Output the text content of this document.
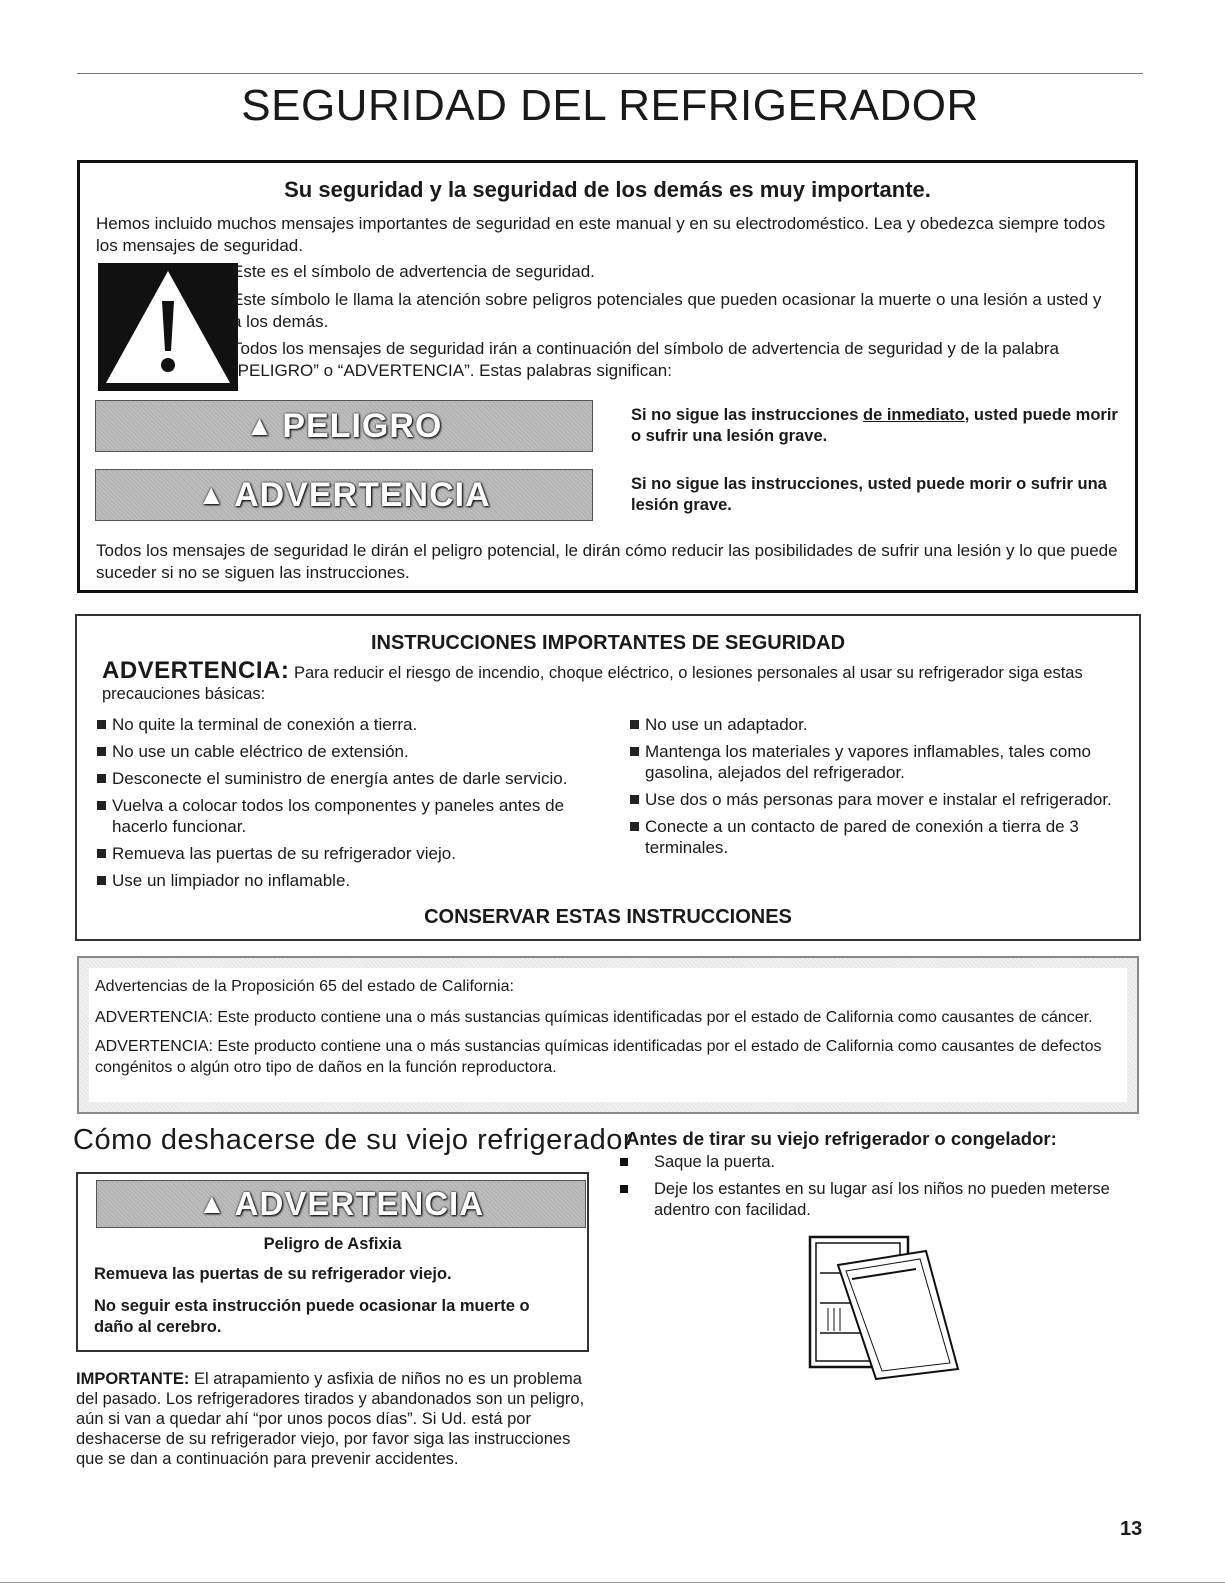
SEGURIDAD DEL REFRIGERADOR
Su seguridad y la seguridad de los demás es muy importante.

Hemos incluido muchos mensajes importantes de seguridad en este manual y en su electrodoméstico. Lea y obedezca siempre todos los mensajes de seguridad.

Este es el símbolo de advertencia de seguridad.

Este símbolo le llama la atención sobre peligros potenciales que pueden ocasionar la muerte o una lesión a usted y a los demás.

Todos los mensajes de seguridad irán a continuación del símbolo de advertencia de seguridad y de la palabra “PELIGRO” o “ADVERTENCIA”. Estas palabras significan:

▲ PELIGRO	Si no sigue las instrucciones de inmediato, usted puede morir o sufrir una lesión grave.

▲ ADVERTENCIA	Si no sigue las instrucciones, usted puede morir o sufrir una lesión grave.

Todos los mensajes de seguridad le dirán el peligro potencial, le dirán cómo reducir las posibilidades de sufrir una lesión y lo que puede suceder si no se siguen las instrucciones.

INSTRUCCIONES IMPORTANTES DE SEGURIDAD

ADVERTENCIA: Para reducir el riesgo de incendio, choque eléctrico, o lesiones personales al usar su refrigerador siga estas precauciones básicas:

No quite la terminal de conexión a tierra.
No use un cable eléctrico de extensión.
Desconecte el suministro de energía antes de darle servicio.
Vuelva a colocar todos los componentes y paneles antes de hacerlo funcionar.
Remueva las puertas de su refrigerador viejo.
Use un limpiador no inflamable.
No use un adaptador.
Mantenga los materiales y vapores inflamables, tales como gasolina, alejados del refrigerador.
Use dos o más personas para mover e instalar el refrigerador.
Conecte a un contacto de pared de conexión a tierra de 3 terminales.
CONSERVAR ESTAS INSTRUCCIONES

Advertencias de la Proposición 65 del estado de California:

ADVERTENCIA: Este producto contiene una o más sustancias químicas identificadas por el estado de California como causantes de cáncer.

ADVERTENCIA: Este producto contiene una o más sustancias químicas identificadas por el estado de California como causantes de defectos congénitos o algún otro tipo de daños en la función reproductora.

Cómo deshacerse de su viejo refrigerador
▲ ADVERTENCIA

Peligro de Asfixia

Remueva las puertas de su refrigerador viejo.

No seguir esta instrucción puede ocasionar la muerte o daño al cerebro.

IMPORTANTE: El atrapamiento y asfixia de niños no es un problema del pasado. Los refrigeradores tirados y abandonados son un peligro, aún si van a quedar ahí “por unos pocos días”. Si Ud. está por deshacerse de su refrigerador viejo, por favor siga las instrucciones que se dan a continuación para prevenir accidentes.

Antes de tirar su viejo refrigerador o congelador:
Saque la puerta.
Deje los estantes en su lugar así los niños no pueden meterse adentro con facilidad.

13
